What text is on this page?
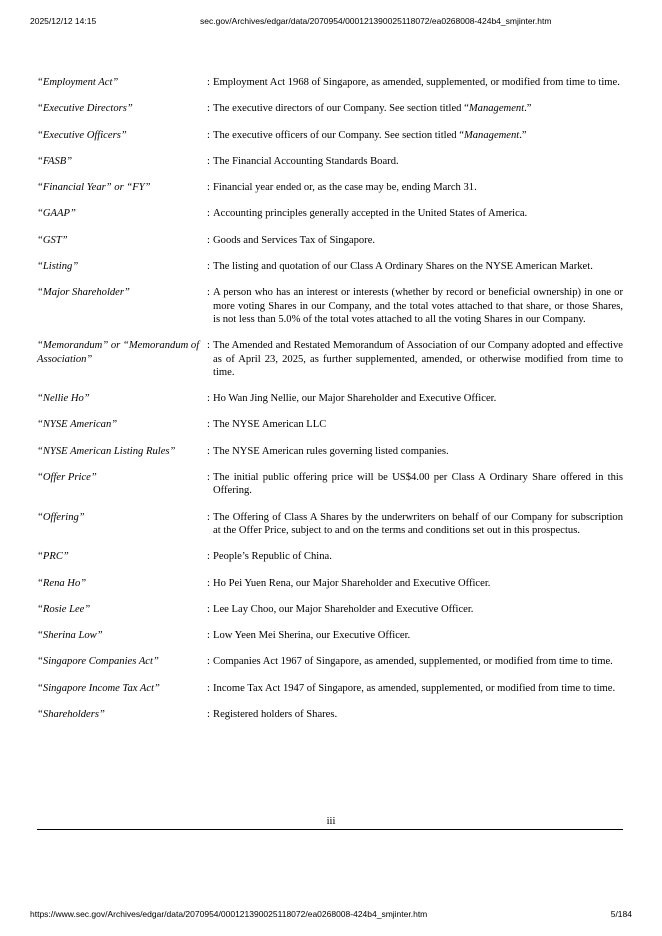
2025/12/12 14:15	sec.gov/Archives/edgar/data/2070954/000121390025118072/ea0268008-424b4_smjinter.htm
“Employment Act”	: Employment Act 1968 of Singapore, as amended, supplemented, or modified from time to time.
“Executive Directors”	: The executive directors of our Company. See section titled “Management.”
“Executive Officers”	: The executive officers of our Company. See section titled “Management.”
“FASB”	: The Financial Accounting Standards Board.
“Financial Year” or “FY”	: Financial year ended or, as the case may be, ending March 31.
“GAAP”	: Accounting principles generally accepted in the United States of America.
“GST”	: Goods and Services Tax of Singapore.
“Listing”	: The listing and quotation of our Class A Ordinary Shares on the NYSE American Market.
“Major Shareholder”	: A person who has an interest or interests (whether by record or beneficial ownership) in one or more voting Shares in our Company, and the total votes attached to that share, or those Shares, is not less than 5.0% of the total votes attached to all the voting Shares in our Company.
“Memorandum” or “Memorandum of Association”
: The Amended and Restated Memorandum of Association of our Company adopted and effective as of April 23, 2025, as further supplemented, amended, or otherwise modified from time to time.
“Nellie Ho”	: Ho Wan Jing Nellie, our Major Shareholder and Executive Officer.
“NYSE American”	: The NYSE American LLC
“NYSE American Listing Rules”	: The NYSE American rules governing listed companies.
“Offer Price”	: The initial public offering price will be US$4.00 per Class A Ordinary Share offered in this Offering.
“Offering”	: The Offering of Class A Shares by the underwriters on behalf of our Company for subscription at the Offer Price, subject to and on the terms and conditions set out in this prospectus.
“PRC”	: People’s Republic of China.
“Rena Ho”	: Ho Pei Yuen Rena, our Major Shareholder and Executive Officer.
“Rosie Lee”	: Lee Lay Choo, our Major Shareholder and Executive Officer.
“Sherina Low”	: Low Yeen Mei Sherina, our Executive Officer.
“Singapore Companies Act”	: Companies Act 1967 of Singapore, as amended, supplemented, or modified from time to time.
“Singapore Income Tax Act”	: Income Tax Act 1947 of Singapore, as amended, supplemented, or modified from time to time.
“Shareholders”	: Registered holders of Shares.
iii
https://www.sec.gov/Archives/edgar/data/2070954/000121390025118072/ea0268008-424b4_smjinter.htm	5/184
